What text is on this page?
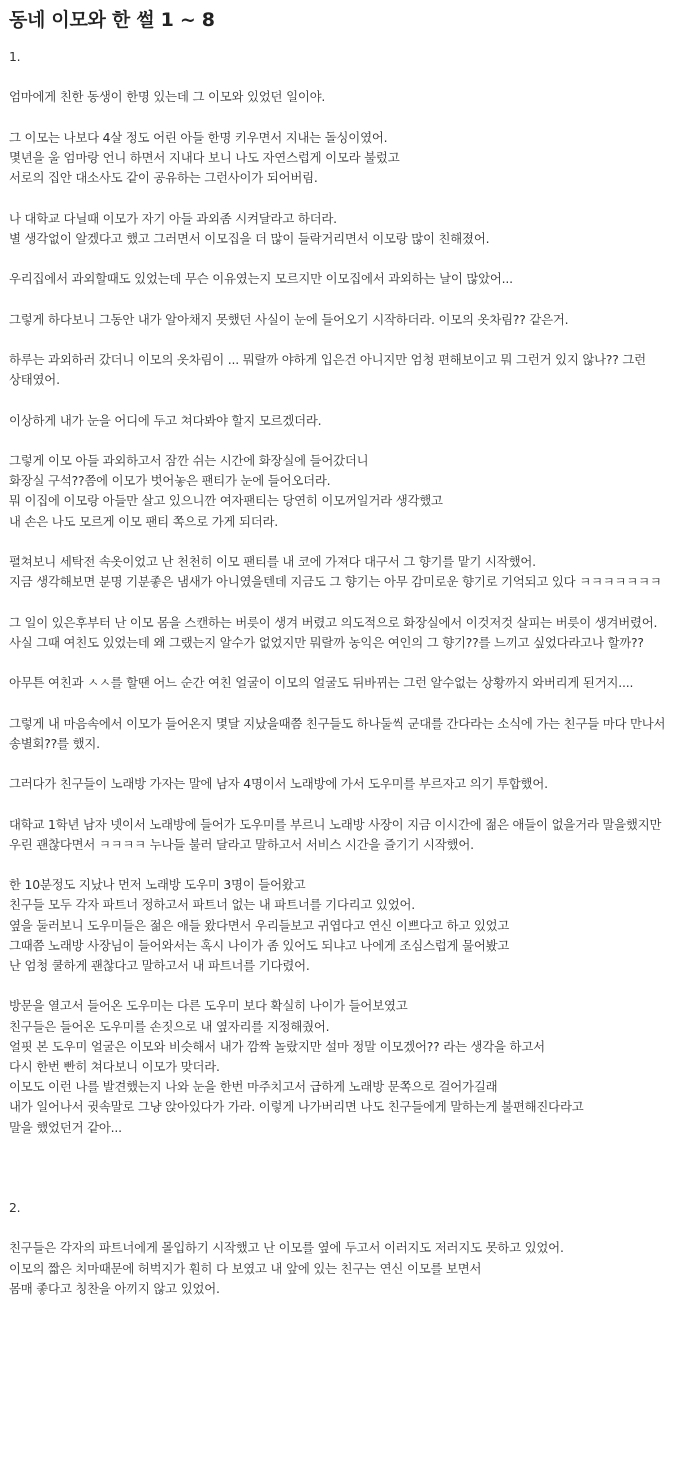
동네 이모와 한 썰 1 ~ 8
1.
엄마에게 친한 동생이 한명 있는데 그 이모와 있었던 일이야.
그 이모는 나보다 4살 정도 어린 아들 한명 키우면서 지내는 돌싱이였어.
몇년을 울 엄마랑 언니 하면서 지내다 보니 나도 자연스럽게 이모라 불렀고
서로의 집안 대소사도 같이 공유하는 그런사이가 되어버림.
나 대학교 다닐때 이모가 자기 아들 과외좀 시켜달라고 하더라.
별 생각없이 알겠다고 했고 그러면서 이모집을 더 많이 들락거리면서 이모랑 많이 친해졌어.
우리집에서 과외할때도 있었는데 무슨 이유였는지 모르지만 이모집에서 과외하는 날이 많았어...
그렇게 하다보니 그동안 내가 알아채지 못했던 사실이 눈에 들어오기 시작하더라. 이모의 옷차림?? 같은거.
하루는 과외하러 갔더니 이모의 옷차림이 ... 뭐랄까 야하게 입은건 아니지만 엄청 편해보이고 뭐 그런거 있지 않나?? 그런 상태였어.
이상하게 내가 눈을 어디에 두고 쳐다봐야 할지 모르겠더라.
그렇게 이모 아들 과외하고서 잠깐 쉬는 시간에 화장실에 들어갔더니
화장실 구석??쯤에 이모가 벗어놓은 팬티가 눈에 들어오더라.
뭐 이집에 이모랑 아들만 살고 있으니깐 여자팬티는 당연히 이모꺼일거라 생각했고
내 손은 나도 모르게 이모 팬티 쪽으로 가게 되더라.
펼쳐보니 세탁전 속옷이었고 난 천천히 이모 팬티를 내 코에 가져다 대구서 그 향기를 맡기 시작했어.
지금 생각해보면 분명 기분좋은 냄새가 아니였을텐데 지금도 그 향기는 아무 감미로운 향기로 기억되고 있다 ㅋㅋㅋㅋㅋㅋㅋ
그 일이 있은후부터 난 이모 몸을 스캔하는 버릇이 생겨 버렸고 의도적으로 화장실에서 이것저것 살피는 버릇이 생겨버렸어.
사실 그때 여친도 있었는데 왜 그랬는지 알수가 없었지만 뭐랄까 농익은 여인의 그 향기??를 느끼고 싶었다라고나 할까??
아무튼 여친과 ㅅㅅ를 할땐 어느 순간 여친 얼굴이 이모의 얼굴도 뒤바뀌는 그런 알수없는 상황까지 와버리게 된거지....
그렇게 내 마음속에서 이모가 들어온지 몇달 지났을때쯤 친구들도 하나둘씩 군대를 간다라는 소식에 가는 친구들 마다 만나서 송별회??를 했지.
그러다가 친구들이 노래방 가자는 말에 남자 4명이서 노래방에 가서 도우미를 부르자고 의기 투합했어.
대학교 1학년 남자 넷이서 노래방에 들어가 도우미를 부르니 노래방 사장이 지금 이시간에 젊은 애들이 없을거라 말을했지만
우린 괜찮다면서 ㅋㅋㅋㅋ 누나들 불러 달라고 말하고서 서비스 시간을 즐기기 시작했어.
한 10분정도 지났나 먼저 노래방 도우미 3명이 들어왔고
친구들 모두 각자 파트너 정하고서 파트너 없는 내 파트너를 기다리고 있었어.
옆을 둘러보니 도우미들은 젊은 애들 왔다면서 우리들보고 귀엽다고 연신 이쁘다고 하고 있었고
그때쯤 노래방 사장님이 들어와서는 혹시 나이가 좀 있어도 되냐고 나에게 조심스럽게 물어봤고
난 엄청 쿨하게 괜찮다고 말하고서 내 파트너를 기다렸어.
방문을 열고서 들어온 도우미는 다른 도우미 보다 확실히 나이가 들어보였고
친구들은 들어온 도우미를 손짓으로 내 옆자리를 지정해줬어.
얼핏 본 도우미 얼굴은 이모와 비슷해서 내가 깜짝 놀랐지만 설마 정말 이모겠어?? 라는 생각을 하고서
다시 한번 빤히 쳐다보니 이모가 맞더라.
이모도 이런 나를 발견했는지 나와 눈을 한번 마주치고서 급하게 노래방 문쪽으로 걸어가길래
내가 일어나서 귓속말로 그냥 앉아있다가 가라. 이렇게 나가버리면 나도 친구들에게 말하는게 불편해진다라고
말을 했었던거 같아...
2.
친구들은 각자의 파트너에게 몰입하기 시작했고 난 이모를 옆에 두고서 이러지도 저러지도 못하고 있었어.
이모의 짧은 치마때문에 허벅지가 훤히 다 보였고 내 앞에 있는 친구는 연신 이모를 보면서
몸매 좋다고 칭찬을 아끼지 않고 있었어.
